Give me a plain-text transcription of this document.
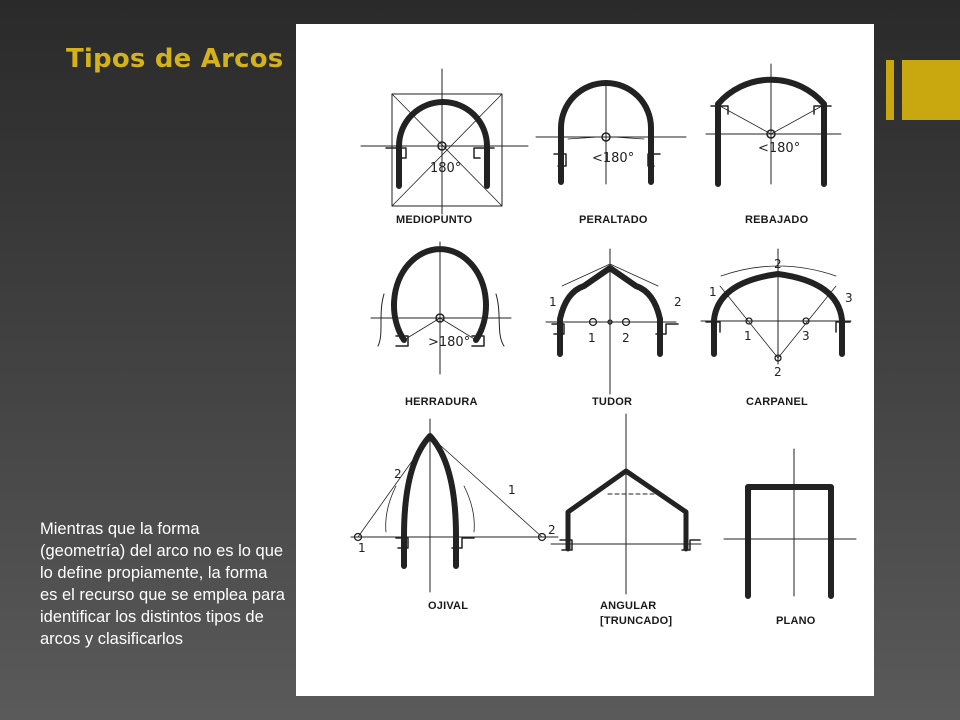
Tipos de Arcos
Mientras que la forma (geometría) del arco no es lo que lo define propiamente, la forma es el recurso que se emplea para identificar los distintos tipos de arcos y clasificarlos
180°
<180°
<180°
>180°
1	2
1 2
1
2
3
1
2
3
2
1
1
2
MEDIOPUNTO	PERALTADO	REBAJADO
HERRADURA	TUDOR	CARPANEL
OJIVAL	ANGULAR
[TRUNCADO]	PLANO
